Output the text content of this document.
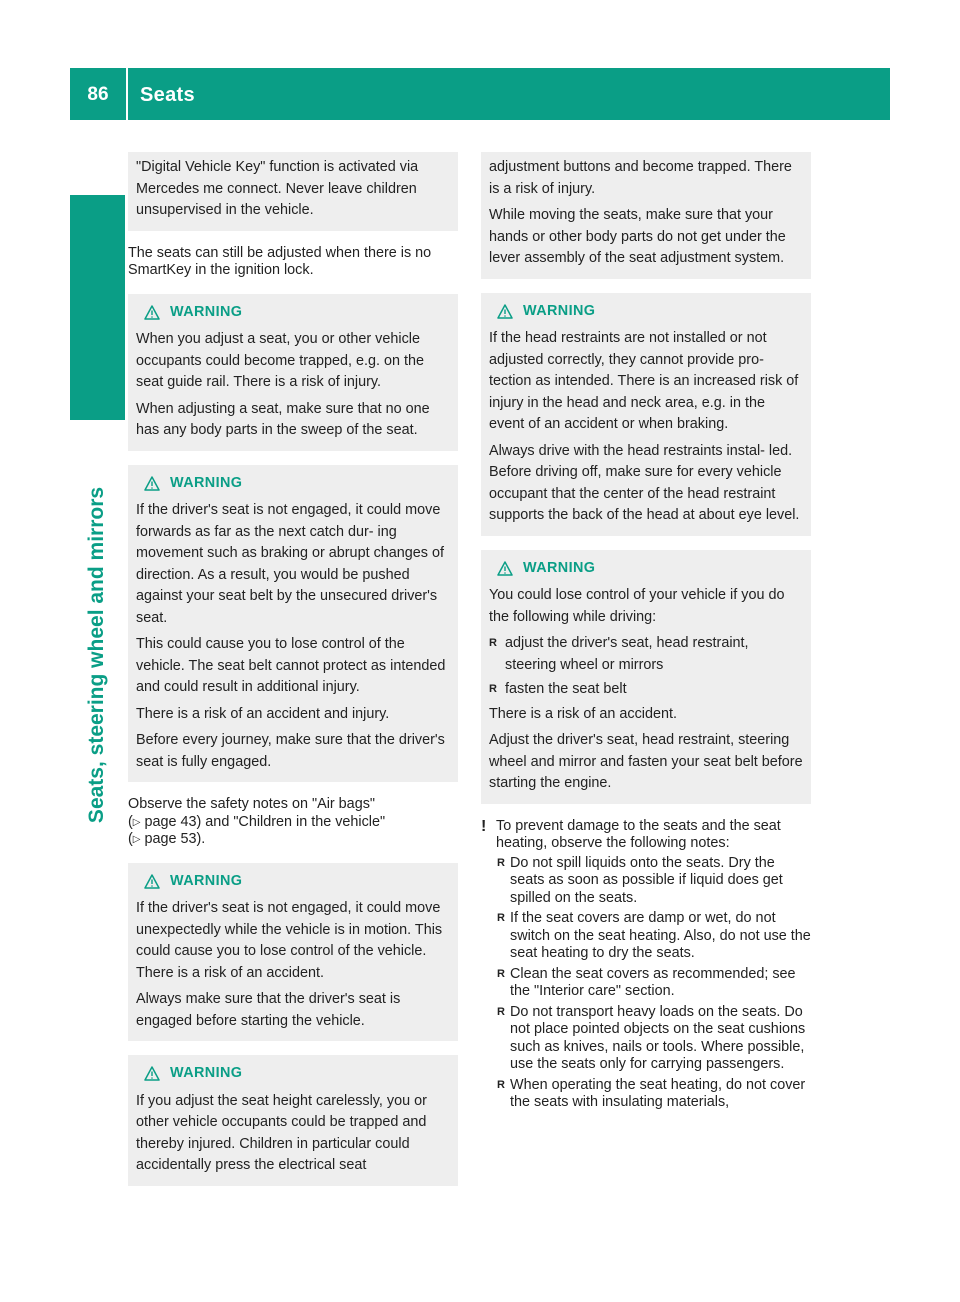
86	Seats
Seats, steering wheel and mirrors

"Digital Vehicle Key" function is activated via Mercedes me connect. Never leave children unsupervised in the vehicle.

The seats can still be adjusted when there is no SmartKey in the ignition lock.

WARNING

When you adjust a seat, you or other vehicle occupants could become trapped, e.g. on the seat guide rail. There is a risk of injury.

When adjusting a seat, make sure that no one has any body parts in the sweep of the seat.

WARNING

If the driver's seat is not engaged, it could move forwards as far as the next catch dur- ing movement such as braking or abrupt changes of direction. As a result, you would be pushed against your seat belt by the unsecured driver's seat.

This could cause you to lose control of the vehicle. The seat belt cannot protect as intended and could result in additional injury.

There is a risk of an accident and injury.

Before every journey, make sure that the driver's seat is fully engaged.

Observe the safety notes on "Air bags"
(▷ page 43) and "Children in the vehicle"
(▷ page 53).

WARNING

If the driver's seat is not engaged, it could move unexpectedly while the vehicle is in motion. This could cause you to lose control of the vehicle. There is a risk of an accident.

Always make sure that the driver's seat is engaged before starting the vehicle.

WARNING

If you adjust the seat height carelessly, you or other vehicle occupants could be trapped and thereby injured. Children in particular could accidentally press the electrical seat

adjustment buttons and become trapped. There is a risk of injury.

While moving the seats, make sure that your hands or other body parts do not get under the lever assembly of the seat adjustment system.

WARNING

If the head restraints are not installed or not adjusted correctly, they cannot provide pro- tection as intended. There is an increased risk of injury in the head and neck area, e.g. in the event of an accident or when braking.

Always drive with the head restraints instal- led. Before driving off, make sure for every vehicle occupant that the center of the head restraint supports the back of the head at about eye level.

WARNING

You could lose control of your vehicle if you do the following while driving:

R adjust the driver's seat, head restraint, steering wheel or mirrors
R fasten the seat belt

There is a risk of an accident.

Adjust the driver's seat, head restraint, steering wheel and mirror and fasten your seat belt before starting the engine.

! To prevent damage to the seats and the seat heating, observe the following notes:
R Do not spill liquids onto the seats. Dry the seats as soon as possible if liquid does get spilled on the seats.
R If the seat covers are damp or wet, do not switch on the seat heating. Also, do not use the seat heating to dry the seats.
R Clean the seat covers as recommended; see the "Interior care" section.
R Do not transport heavy loads on the seats. Do not place pointed objects on the seat cushions such as knives, nails or tools. Where possible, use the seats only for carrying passengers.
R When operating the seat heating, do not cover the seats with insulating materials,
